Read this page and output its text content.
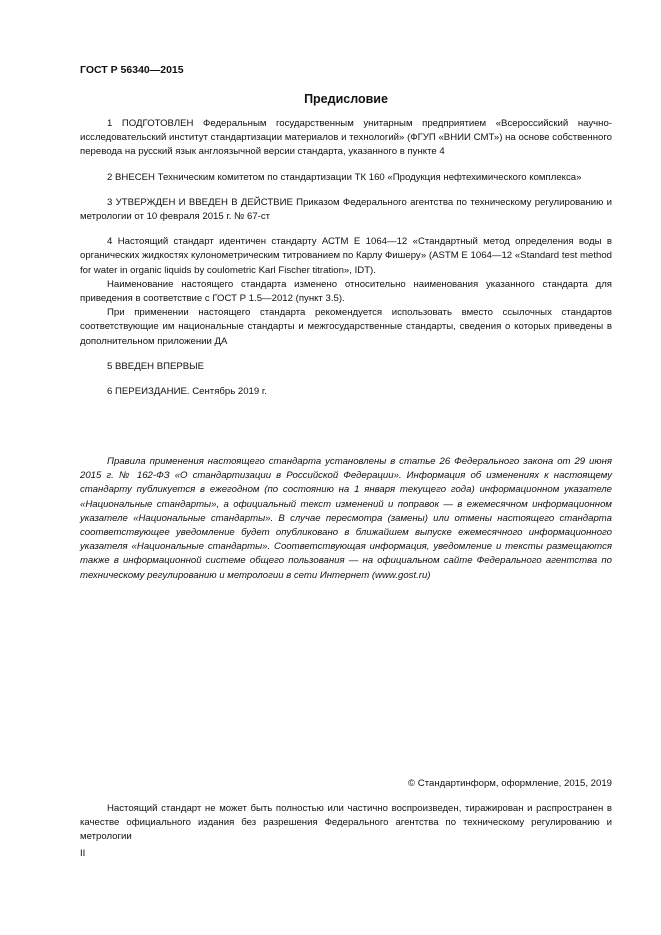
ГОСТ Р 56340—2015
Предисловие

1 ПОДГОТОВЛЕН Федеральным государственным унитарным предприятием «Всероссийский научно-исследовательский институт стандартизации материалов и технологий» (ФГУП «ВНИИ СМТ») на основе собственного перевода на русский язык англоязычной версии стандарта, указанного в пункте 4

2 ВНЕСЕН Техническим комитетом по стандартизации ТК 160 «Продукция нефтехимического комплекса»

3 УТВЕРЖДЕН И ВВЕДЕН В ДЕЙСТВИЕ Приказом Федерального агентства по техническому регулированию и метрологии от 10 февраля 2015 г. № 67-ст

4 Настоящий стандарт идентичен стандарту АСТМ Е 1064—12 «Стандартный метод определения воды в органических жидкостях кулонометрическим титрованием по Карлу Фишеру» (ASTM E 1064—12 «Standard test method for water in organic liquids by coulometric Karl Fischer titration», IDT).

Наименование настоящего стандарта изменено относительно наименования указанного стандарта для приведения в соответствие с ГОСТ Р 1.5—2012 (пункт 3.5).

При применении настоящего стандарта рекомендуется использовать вместо ссылочных стандартов соответствующие им национальные стандарты и межгосударственные стандарты, сведения о которых приведены в дополнительном приложении ДА

5 ВВЕДЕН ВПЕРВЫЕ

6 ПЕРЕИЗДАНИЕ. Сентябрь 2019 г.

Правила применения настоящего стандарта установлены в статье 26 Федерального закона от 29 июня 2015 г. № 162-ФЗ «О стандартизации в Российской Федерации». Информация об изменениях к настоящему стандарту публикуется в ежегодном (по состоянию на 1 января текущего года) информационном указателе «Национальные стандарты», а официальный текст изменений и поправок — в ежемесячном информационном указателе «Национальные стандарты». В случае пересмотра (замены) или отмены настоящего стандарта соответствующее уведомление будет опубликовано в ближайшем выпуске ежемесячного информационного указателя «Национальные стандарты». Соответствующая информация, уведомление и тексты размещаются также в информационной системе общего пользования — на официальном сайте Федерального агентства по техническому регулированию и метрологии в сети Интернет (www.gost.ru)

© Стандартинформ, оформление, 2015, 2019

Настоящий стандарт не может быть полностью или частично воспроизведен, тиражирован и распространен в качестве официального издания без разрешения Федерального агентства по техническому регулированию и метрологии

II
